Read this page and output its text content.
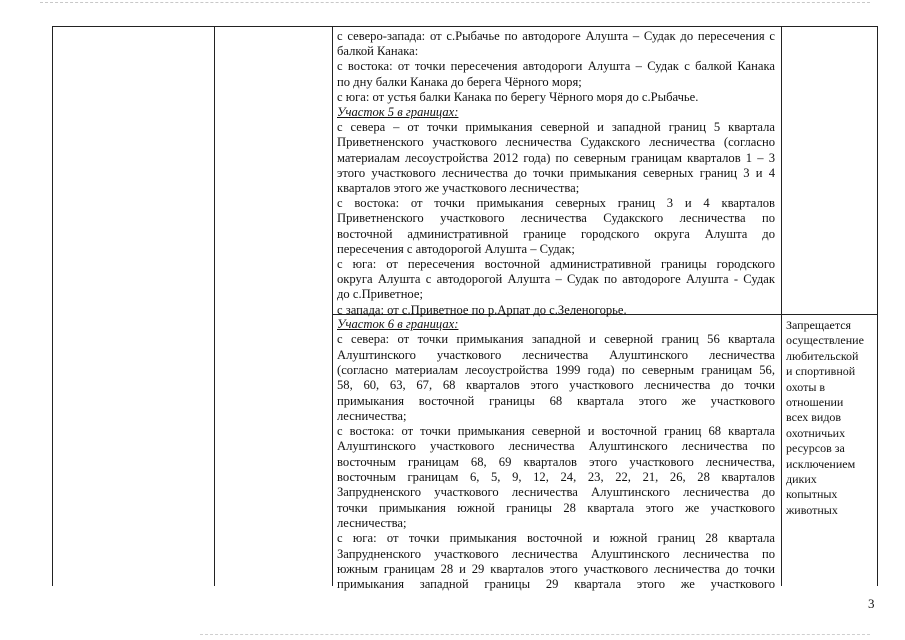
с северо-запада: от с.Рыбачье по автодороге Алушта – Судак до пересечения с
балкой Канака:
с востока: от точки пересечения автодороги Алушта – Судак с балкой Канака
по дну балки Канака до берега Чёрного моря;
с юга: от устья балки Канака по берегу Чёрного моря до с.Рыбачье.
Участок 5 в границах:
с севера – от точки примыкания северной и западной границ 5 квартала
Приветненского участкового лесничества Судакского лесничества (согласно
материалам лесоустройства 2012 года) по северным границам кварталов 1 – 3
этого участкового лесничества до точки примыкания северных границ 3 и 4
кварталов этого же участкового лесничества;
с востока: от точки примыкания северных границ 3 и 4 кварталов
Приветненского участкового лесничества Судакского лесничества по
восточной административной границе городского округа Алушта до
пересечения с автодорогой Алушта – Судак;
с юга: от пересечения восточной административной границы городского
округа Алушта с автодорогой Алушта – Судак по автодороге Алушта - Судак
до с.Приветное;
с запада: от с.Приветное по р.Арпат до с.Зеленогорье.
Участок 6 в границах:
с севера: от точки примыкания западной и северной границ 56 квартала
Алуштинского участкового лесничества Алуштинского лесничества
(согласно материалам лесоустройства 1999 года) по северным границам 56,
58, 60, 63, 67, 68 кварталов этого участкового лесничества до точки
примыкания восточной границы 68 квартала этого же участкового
лесничества;
с востока: от точки примыкания северной и восточной границ 68 квартала
Алуштинского участкового лесничества Алуштинского лесничества по
восточным границам 68, 69 кварталов этого участкового лесничества,
восточным границам 6, 5, 9, 12, 24, 23, 22, 21, 26, 28 кварталов
Запрудненского участкового лесничества Алуштинского лесничества до
точки примыкания южной границы 28 квартала этого же участкового
лесничества;
с юга: от точки примыкания восточной и южной границ 28 квартала
Запрудненского участкового лесничества Алуштинского лесничества по
южным границам 28 и 29 кварталов этого участкового лесничества до точки
примыкания западной границы 29 квартала этого же участкового
Запрещается
осуществление
любительской
и спортивной
охоты в
отношении
всех видов
охотничьих
ресурсов за
исключением
диких
копытных
животных
3
